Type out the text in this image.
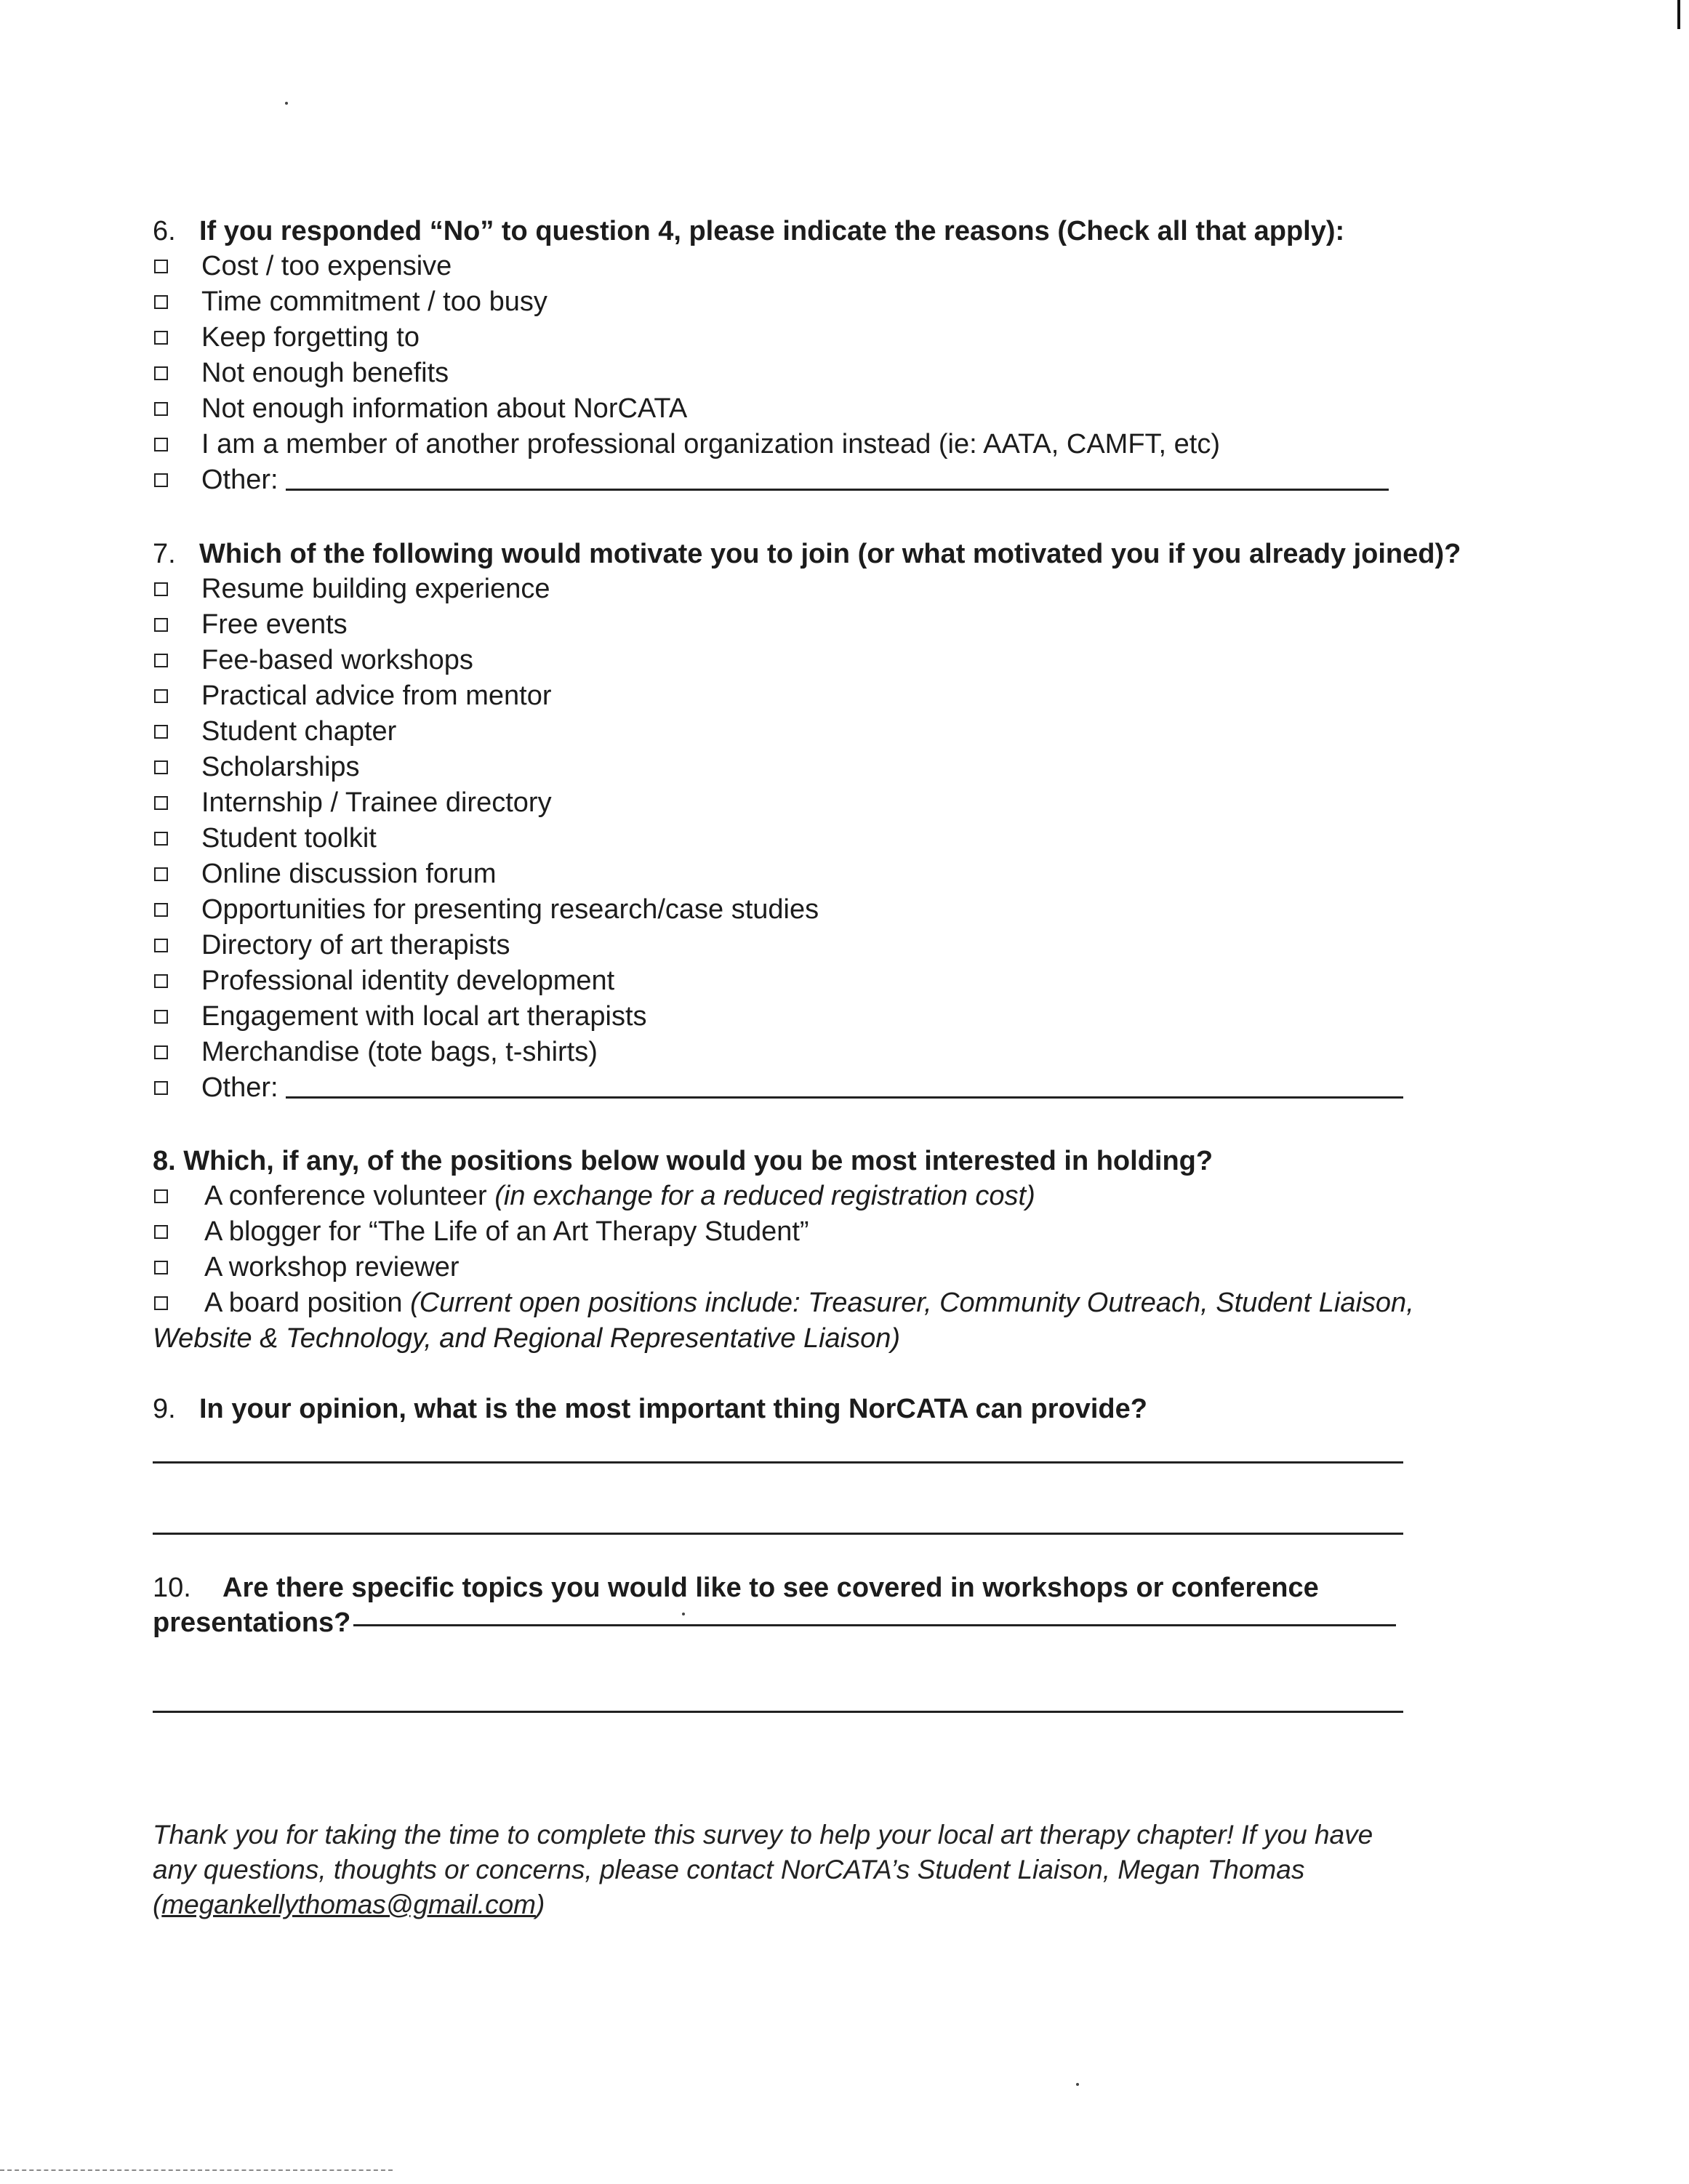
6. If you responded “No” to question 4, please indicate the reasons (Check all that apply):
Cost / too expensive
Time commitment / too busy
Keep forgetting to
Not enough benefits
Not enough information about NorCATA
I am a member of another professional organization instead (ie: AATA, CAMFT, etc)
Other:
7. Which of the following would motivate you to join (or what motivated you if you already joined)?
Resume building experience
Free events
Fee-based workshops
Practical advice from mentor
Student chapter
Scholarships
Internship / Trainee directory
Student toolkit
Online discussion forum
Opportunities for presenting research/case studies
Directory of art therapists
Professional identity development
Engagement with local art therapists
Merchandise (tote bags, t-shirts)
Other:
8. Which, if any, of the positions below would you be most interested in holding?
A conference volunteer
(in exchange for a reduced registration cost)
A blogger for “The Life of an Art Therapy Student”
A workshop reviewer
A board position
(Current open positions include: Treasurer, Community Outreach, Student Liaison,
Website & Technology, and Regional Representative Liaison)
9. In your opinion, what is the most important thing NorCATA can provide?
10. Are there specific topics you would like to see covered in workshops or conference
presentations?
Thank you for taking the time to complete this survey to help your local art therapy chapter! If you have any questions, thoughts or concerns, please contact NorCATA’s Student Liaison, Megan Thomas (megankellythomas@gmail.com)
